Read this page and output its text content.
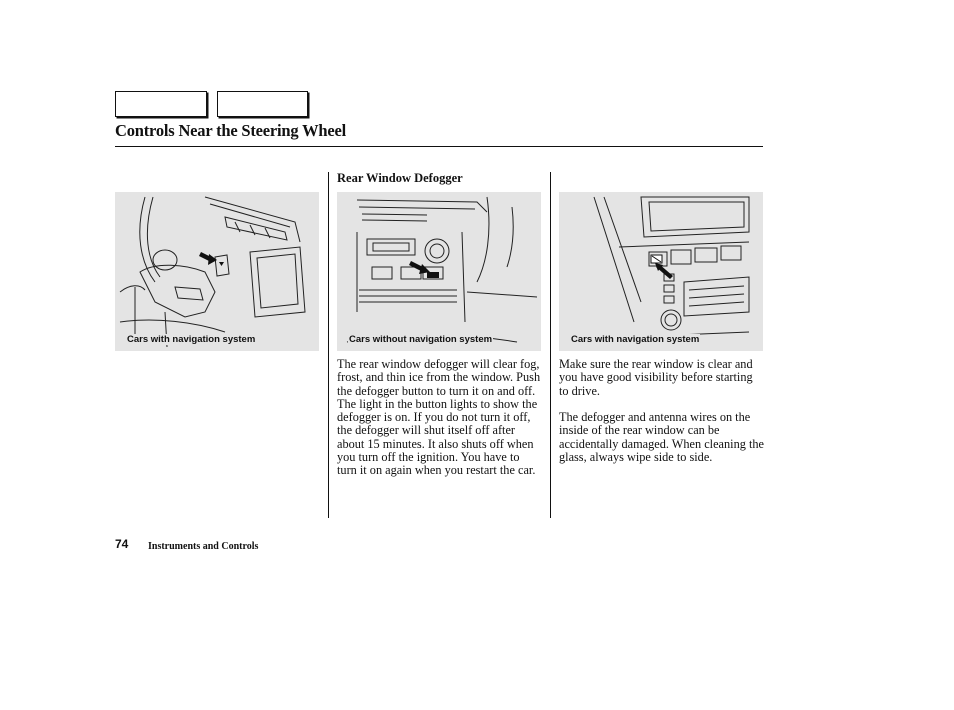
Controls Near the Steering Wheel
Rear Window Defogger
Cars with navigation system	Cars without navigation system	Cars with navigation system
The rear window defogger will clear fog, frost, and thin ice from the window. Push the defogger button to turn it on and off. The light in the button lights to show the defogger is on. If you do not turn it off, the defogger will shut itself off after about 15 minutes. It also shuts off when you turn off the ignition. You have to turn it on again when you restart the car.
Make sure the rear window is clear and you have good visibility before starting to drive.
The defogger and antenna wires on the inside of the rear window can be accidentally damaged. When cleaning the glass, always wipe side to side.
74 Instruments and Controls
